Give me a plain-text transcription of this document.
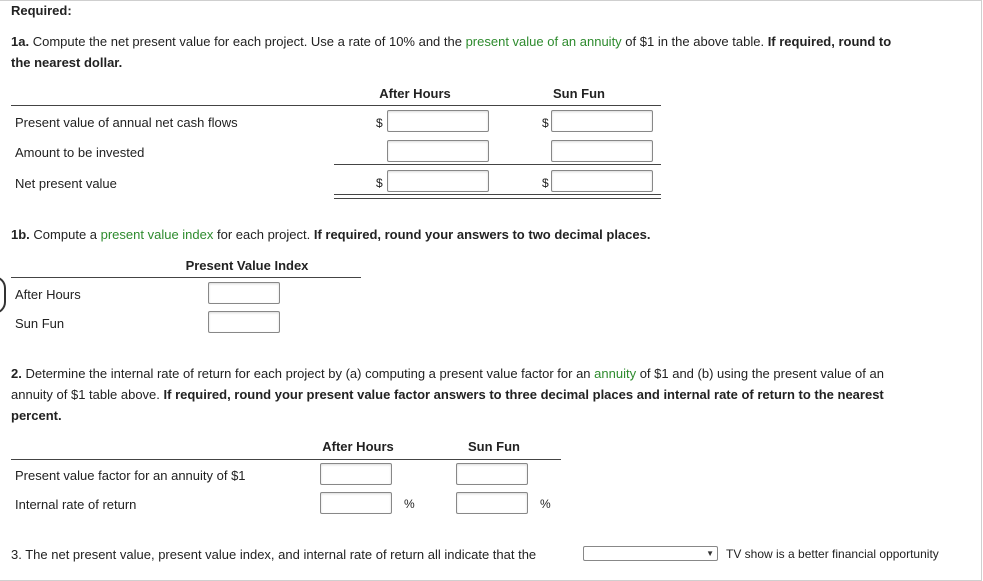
Required:
1a. Compute the net present value for each project. Use a rate of 10% and the present value of an annuity of $1 in the above table. If required, round to
the nearest dollar.
After Hours	Sun Fun
Present value of annual net cash flows	$	$
Amount to be invested
Net present value	$	$
1b. Compute a present value index for each project. If required, round your answers to two decimal places.
Present Value Index
After Hours
Sun Fun
2. Determine the internal rate of return for each project by (a) computing a present value factor for an annuity of $1 and (b) using the present value of an
annuity of $1 table above. If required, round your present value factor answers to three decimal places and internal rate of return to the nearest
percent.
After Hours	Sun Fun
Present value factor for an annuity of $1
Internal rate of return	%	%
3. The net present value, present value index, and internal rate of return all indicate that the	▼ TV show is a better financial opportunity
